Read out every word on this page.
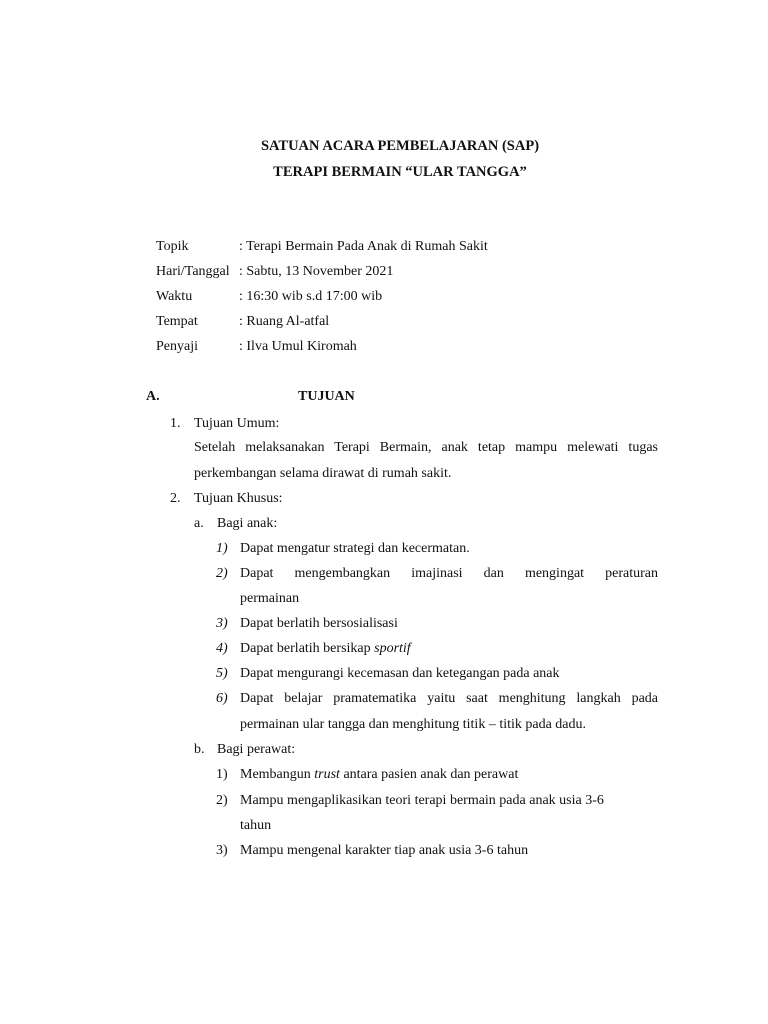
SATUAN ACARA PEMBELAJARAN (SAP)
TERAPI BERMAIN “ULAR TANGGA”
Topik	: Terapi Bermain Pada Anak di Rumah Sakit
Hari/Tanggal : Sabtu, 13 November 2021
Waktu	: 16:30 wib s.d 17:00 wib
Tempat	: Ruang Al-atfal
Penyaji	: Ilva Umul Kiromah
A.	TUJUAN
1. Tujuan Umum:
Setelah melaksanakan Terapi Bermain, anak tetap mampu melewati tugas
perkembangan selama dirawat di rumah sakit.
2. Tujuan Khusus:
a. Bagi anak:
1) Dapat mengatur strategi dan kecermatan.
2) Dapat mengembangkan imajinasi dan mengingat peraturan
permainan
3) Dapat berlatih bersosialisasi
4) Dapat berlatih bersikap sportif
5) Dapat mengurangi kecemasan dan ketegangan pada anak
6) Dapat belajar pramatematika yaitu saat menghitung langkah pada
permainan ular tangga dan menghitung titik – titik pada dadu.
b. Bagi perawat:
1) Membangun trust antara pasien anak dan perawat
2) Mampu mengaplikasikan teori terapi bermain pada anak usia 3-6
tahun
3) Mampu mengenal karakter tiap anak usia 3-6 tahun
